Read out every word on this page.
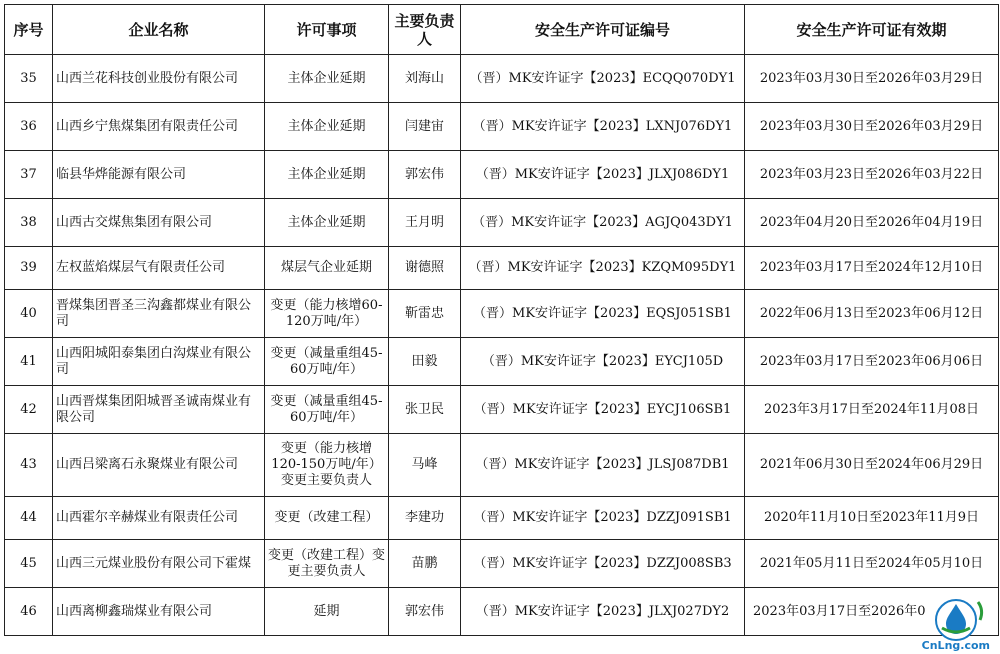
序号	企业名称	许可事项	主要负责人	安全生产许可证编号	安全生产许可证有效期
35	山西兰花科技创业股份有限公司	主体企业延期	刘海山	（晋）MK安许证字【2023】ECQQ070DY1	2023年03月30日至2026年03月29日
36	山西乡宁焦煤集团有限责任公司	主体企业延期	闫建宙	（晋）MK安许证字【2023】LXNJ076DY1	2023年03月30日至2026年03月29日
37	临县华烨能源有限公司	主体企业延期	郭宏伟	（晋）MK安许证字【2023】JLXJ086DY1	2023年03月23日至2026年03月22日
38	山西古交煤焦集团有限公司	主体企业延期	王月明	（晋）MK安许证字【2023】AGJQ043DY1	2023年04月20日至2026年04月19日
39	左权蓝焰煤层气有限责任公司	煤层气企业延期	谢德照	（晋）MK安许证字【2023】KZQM095DY1	2023年03月17日至2024年12月10日
40	晋煤集团晋圣三沟鑫都煤业有限公司	变更（能力核增60-120万吨/年）	靳雷忠	（晋）MK安许证字【2023】EQSJ051SB1	2022年06月13日至2023年06月12日
41	山西阳城阳泰集团白沟煤业有限公司	变更（减量重组45-60万吨/年）	田毅	（晋）MK安许证字【2023】EYCJ105D	2023年03月17日至2023年06月06日
42	山西晋煤集团阳城晋圣诚南煤业有限公司	变更（减量重组45-60万吨/年）	张卫民	（晋）MK安许证字【2023】EYCJ106SB1	2023年3月17日至2024年11月08日
43	山西吕梁离石永聚煤业有限公司	变更（能力核增120-150万吨/年）变更主要负责人	马峰	（晋）MK安许证字【2023】JLSJ087DB1	2021年06月30日至2024年06月29日
44	山西霍尔辛赫煤业有限责任公司	变更（改建工程）	李建功	（晋）MK安许证字【2023】DZZJ091SB1	2020年11月10日至2023年11月9日
45	山西三元煤业股份有限公司下霍煤	变更（改建工程）变更主要负责人	苗鹏	（晋）MK安许证字【2023】DZZJ008SB3	2021年05月11日至2024年05月10日
46	山西离柳鑫瑞煤业有限公司	延期	郭宏伟	（晋）MK安许证字【2023】JLXJ027DY2	2023年03月17日至2026年0
CnLng.com
